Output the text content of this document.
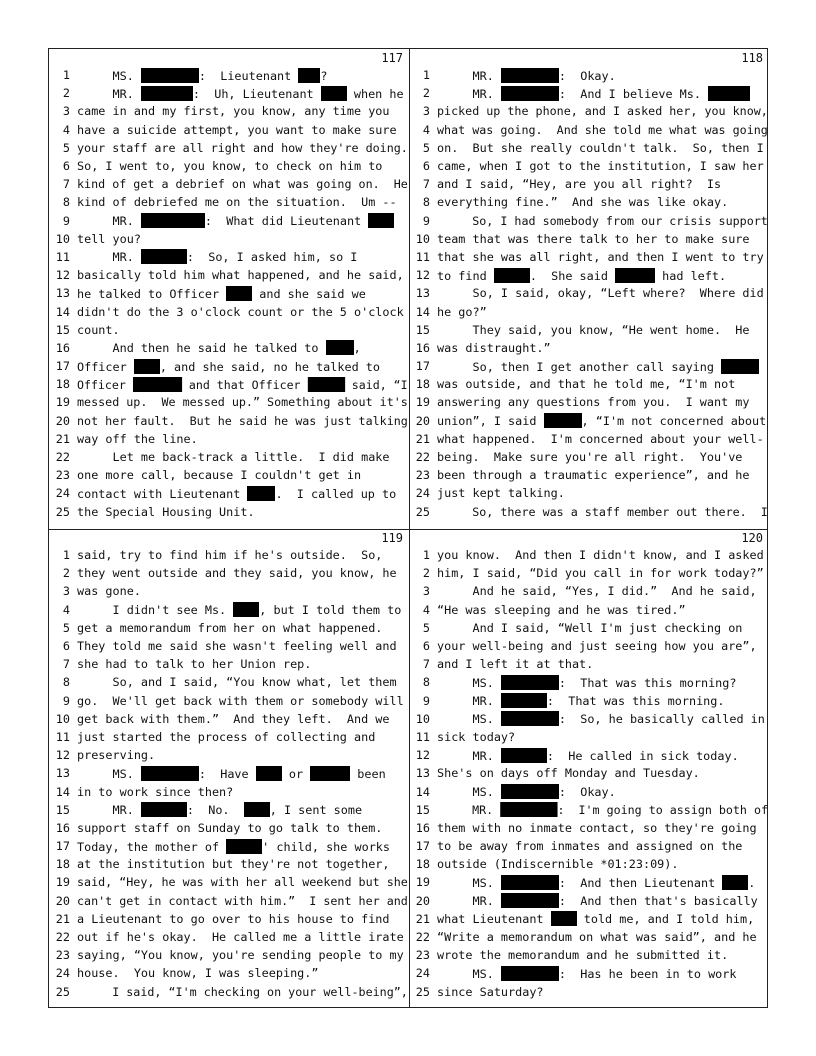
117
1 MS.	:  Lieutenant ?
2 MR.	:  Uh, Lieutenant  when he
3 came in and my first, you know, any time you
4 have a suicide attempt, you want to make sure
5 your staff are all right and how they're doing.
6 So, I went to, you know, to check on him to
7 kind of get a debrief on what was going on.  He
8 kind of debriefed me on the situation.  Um --
9 MR.	:  What did Lieutenant
10 tell you?
11 MR.	:  So, I asked him, so I
12 basically told him what happened, and he said,
13 he talked to Officer  and she said we
14 didn't do the 3 o'clock count or the 5 o'clock
15 count.
16 And then he said he talked to ,
17 Officer , and she said, no he talked to
18 Officer	and that Officer	said, “I
19 messed up.  We messed up.” Something about it's
20 not her fault.  But he said he was just talking
21 way off the line.
22 Let me back-track a little.  I did make
23 one more call, because I couldn't get in
24 contact with Lieutenant .  I called up to
25 the Special Housing Unit.
118
1 MR.	:  Okay.
2 MR.	:  And I believe Ms.
3 picked up the phone, and I asked her, you know,
4 what was going.  And she told me what was going
5 on.  But she really couldn't talk.  So, then I
6 came, when I got to the institution, I saw her
7 and I said, “Hey, are you all right?  Is
8 everything fine.”  And she was like okay.
9 So, I had somebody from our crisis support
10 team that was there talk to her to make sure
11 that she was all right, and then I went to try
12 to find	.  She said	had left.
13 So, I said, okay, “Left where?  Where did
14 he go?”
15 They said, you know, “He went home.  He
16 was distraught.”
17 So, then I get another call saying
18 was outside, and that he told me, “I'm not
19 answering any questions from you.  I want my
20 union”, I said	, “I'm not concerned about
21 what happened.  I'm concerned about your well-
22 being.  Make sure you're all right.  You've
23 been through a traumatic experience”, and he
24 just kept talking.
25 So, there was a staff member out there.  I
119
1 said, try to find him if he's outside.  So,
2 they went outside and they said, you know, he
3 was gone.
4 I didn't see Ms. , but I told them to
5 get a memorandum from her on what happened.
6 They told me said she wasn't feeling well and
7 she had to talk to her Union rep.
8 So, and I said, “You know what, let them
9 go.  We'll get back with them or somebody will
10 get back with them.”  And they left.  And we
11 just started the process of collecting and
12 preserving.
13 MS.	:  Have  or	been
14 in to work since then?
15 MR.	:  No.  , I sent some
16 support staff on Sunday to go talk to them.
17 Today, the mother of	' child, she works
18 at the institution but they're not together,
19 said, “Hey, he was with her all weekend but she
20 can't get in contact with him.”  I sent her and
21 a Lieutenant to go over to his house to find
22 out if he's okay.  He called me a little irate
23 saying, “You know, you're sending people to my
24 house.  You know, I was sleeping.”
25 I said, “I'm checking on your well-being”,
120
1 you know.  And then I didn't know, and I asked
2 him, I said, “Did you call in for work today?”
3 And he said, “Yes, I did.”  And he said,
4 “He was sleeping and he was tired.”
5 And I said, “Well I'm just checking on
6 your well-being and just seeing how you are”,
7 and I left it at that.
8 MS.	:  That was this morning?
9 MR.	:  That was this morning.
10 MS.	:  So, he basically called in
11 sick today?
12 MR.	:  He called in sick today.
13 She's on days off Monday and Tuesday.
14 MS.	:  Okay.
15 MR.	:  I'm going to assign both of
16 them with no inmate contact, so they're going
17 to be away from inmates and assigned on the
18 outside (Indiscernible *01:23:09).
19 MS.	:  And then Lieutenant .
20 MR.	:  And then that's basically
21 what Lieutenant  told me, and I told him,
22 “Write a memorandum on what was said”, and he
23 wrote the memorandum and he submitted it.
24 MS.	:  Has he been in to work
25 since Saturday?
